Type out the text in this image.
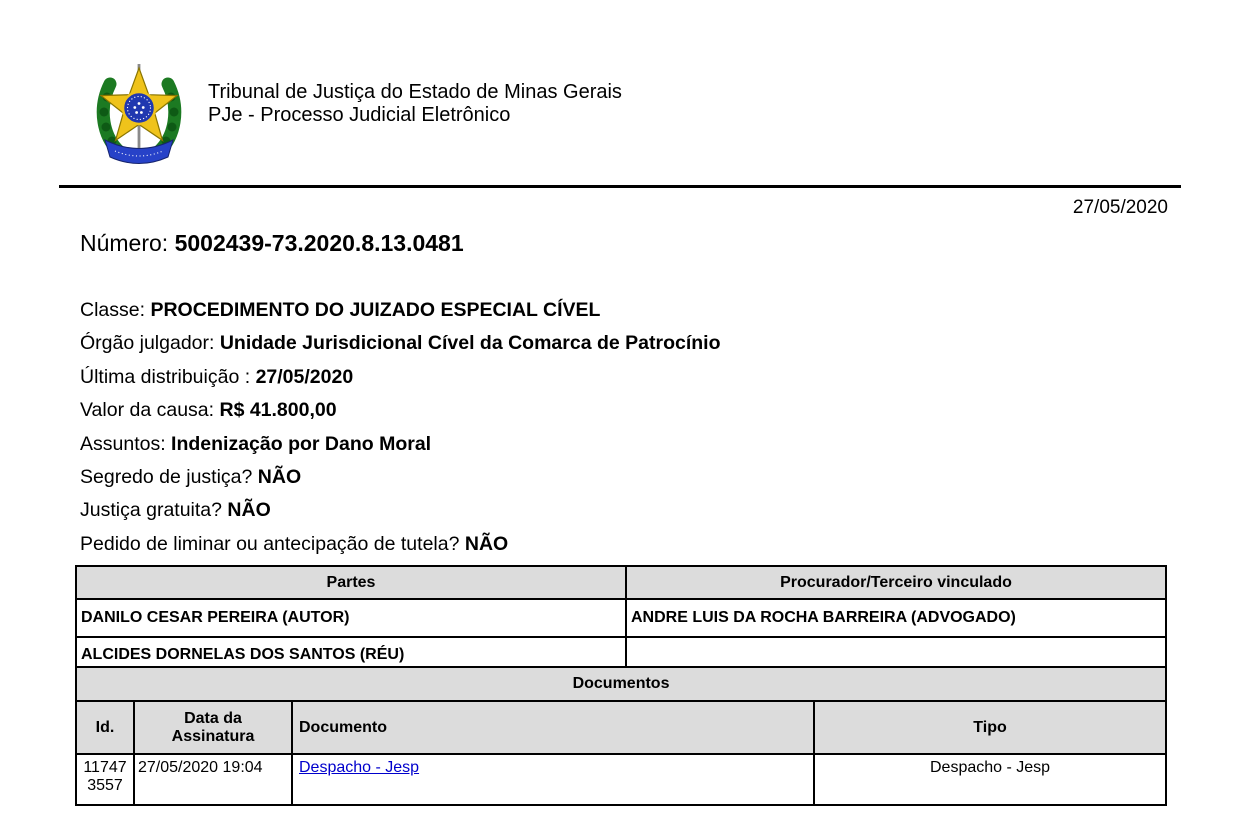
Tribunal de Justiça do Estado de Minas Gerais
PJe - Processo Judicial Eletrônico
27/05/2020
Número: 5002439-73.2020.8.13.0481
Classe: PROCEDIMENTO DO JUIZADO ESPECIAL CÍVEL
Órgão julgador: Unidade Jurisdicional Cível da Comarca de Patrocínio
Última distribuição : 27/05/2020
Valor da causa: R$ 41.800,00
Assuntos: Indenização por Dano Moral
Segredo de justiça? NÃO
Justiça gratuita? NÃO
Pedido de liminar ou antecipação de tutela? NÃO
Partes	Procurador/Terceiro vinculado
DANILO CESAR PEREIRA (AUTOR)	ANDRE LUIS DA ROCHA BARREIRA (ADVOGADO)
ALCIDES DORNELAS DOS SANTOS (RÉU)	
Documentos			
Id.	Data da Assinatura	Documento	Tipo
117473557	27/05/2020 19:04	Despacho - Jesp	Despacho - Jesp
